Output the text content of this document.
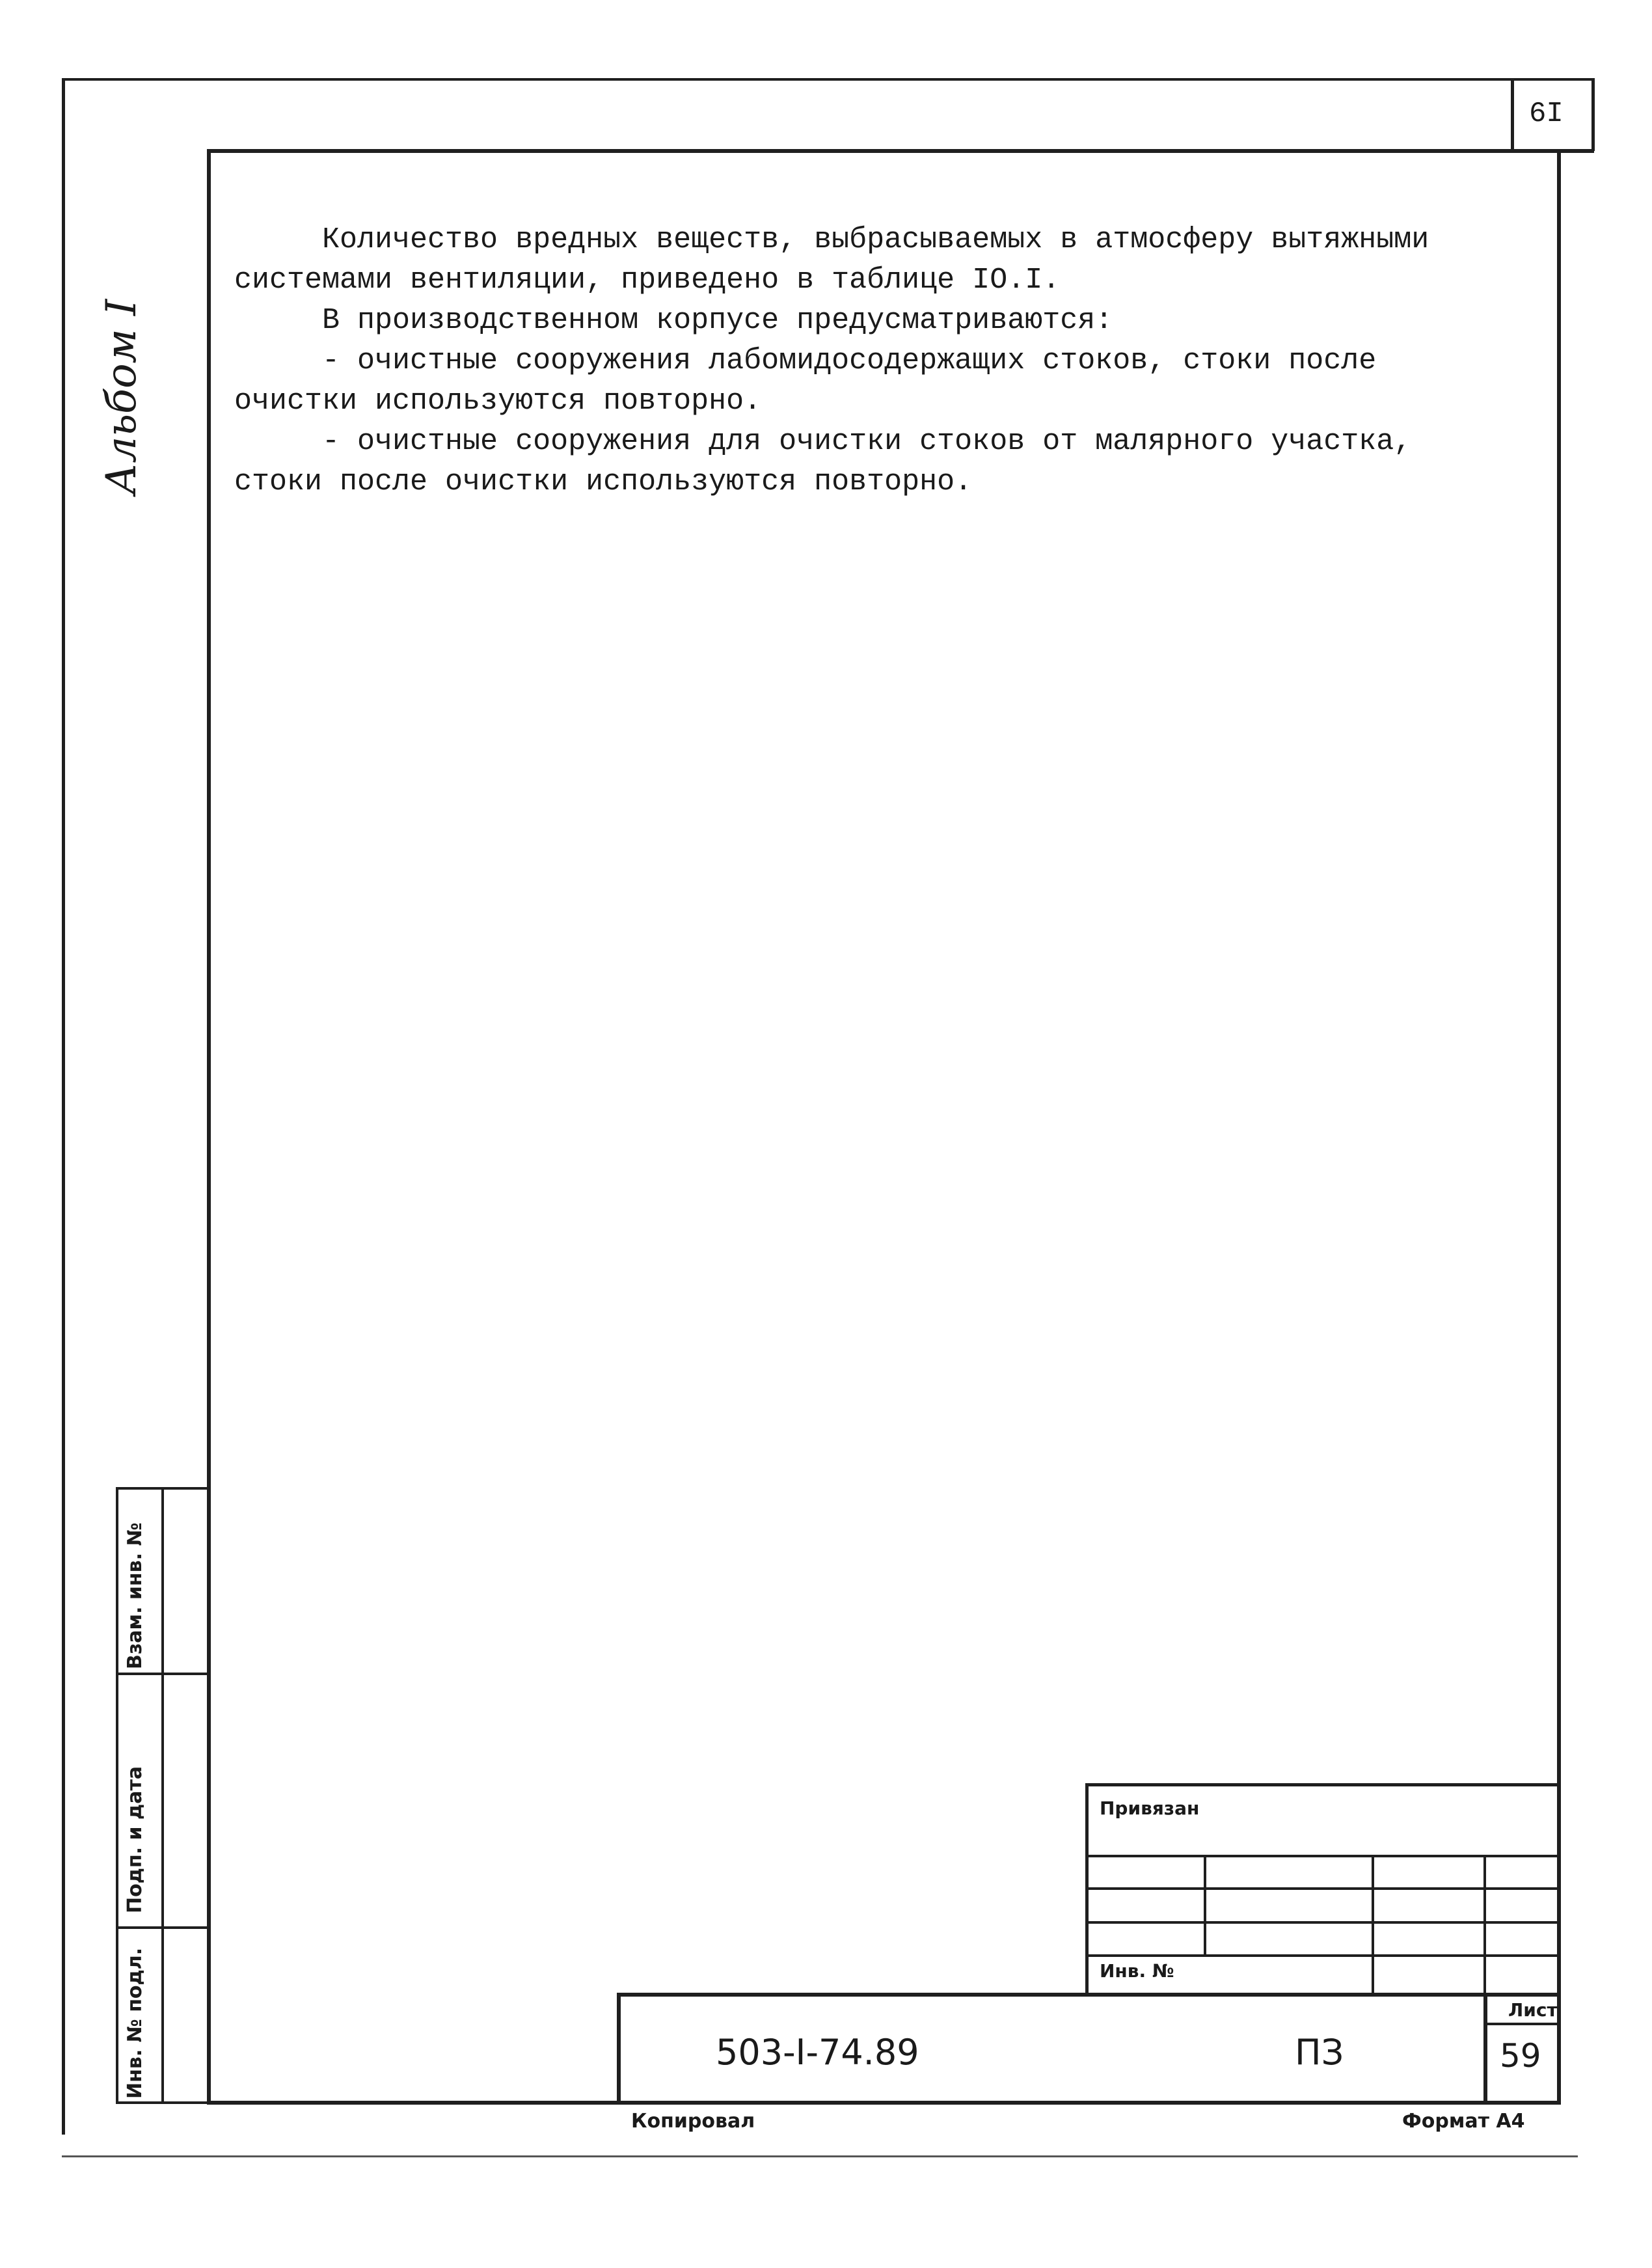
6I
Альбом I
Количество вредных веществ, выбрасываемых в атмосферу вытяжными
системами вентиляции, приведено в таблице IO.I.
В производственном корпусе предусматриваются:
- очистные сооружения лабомидосодержащих стоков, стоки после
очистки используются повторно.
- очистные сооружения для очистки стоков от малярного участка,
стоки после очистки используются повторно.
Взам. инв. №
Подп. и дата
Инв. № подл.
Привязан
Инв. №
503-I-74.89	ПЗ
Лист
59
Копировал	Формат А4
